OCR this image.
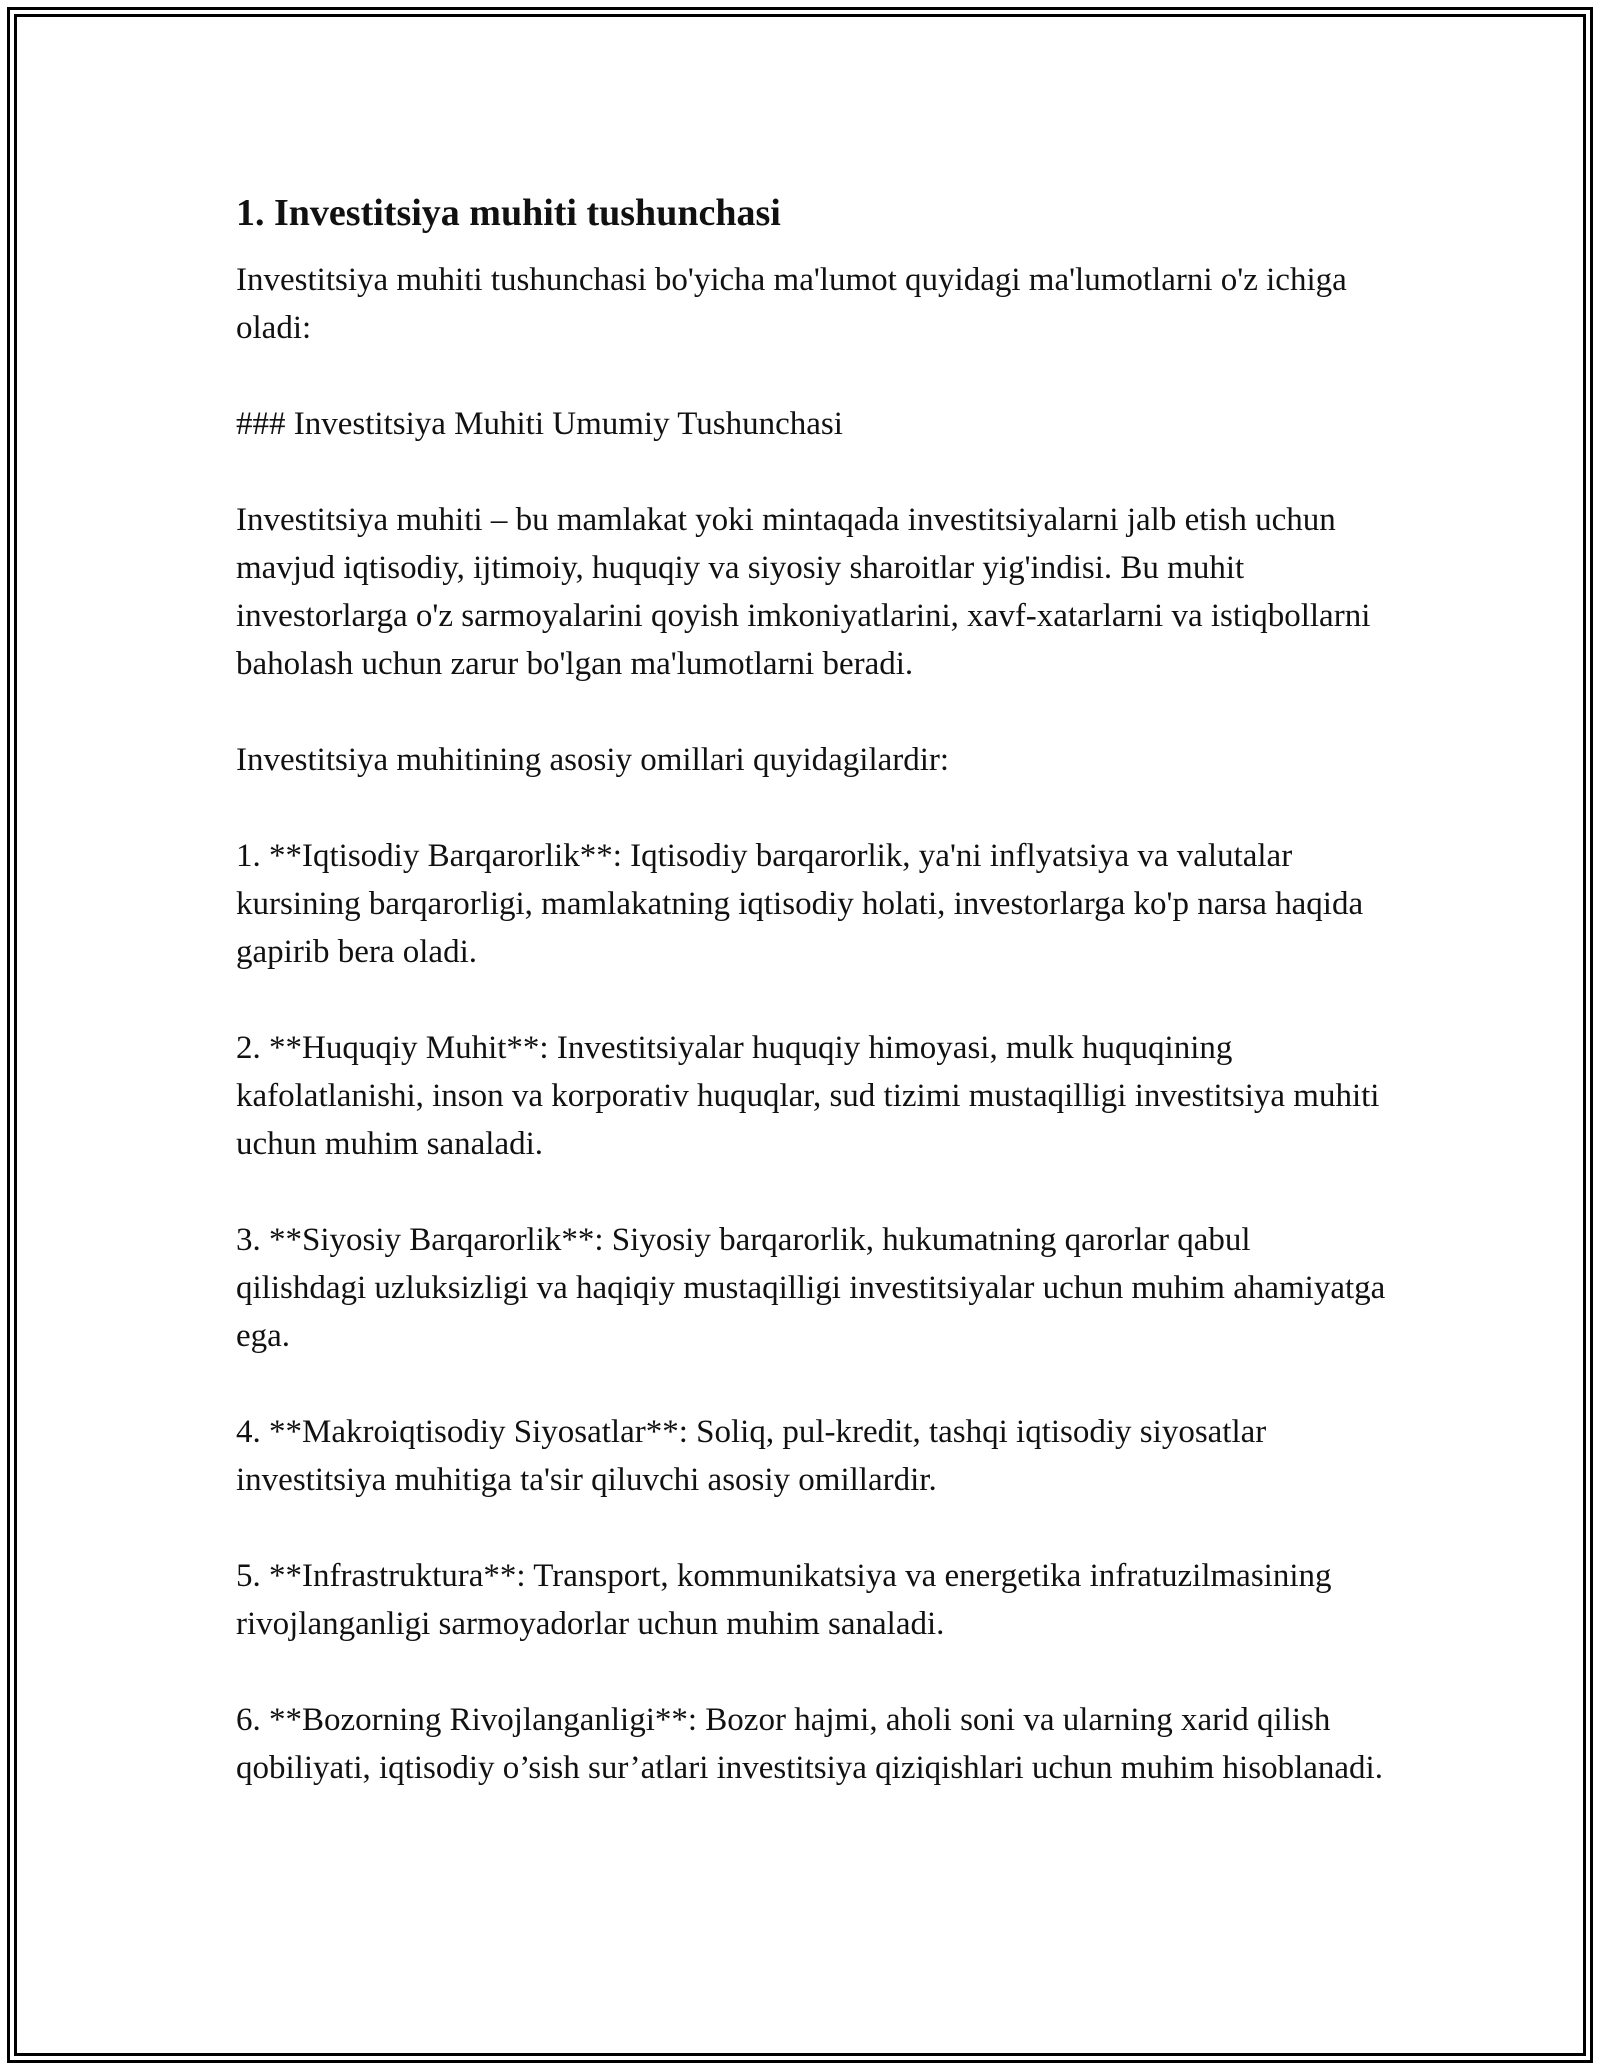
1. Investitsiya muhiti tushunchasi

Investitsiya muhiti tushunchasi bo'yicha ma'lumot quyidagi ma'lumotlarni o'z ichiga oladi:

### Investitsiya Muhiti Umumiy Tushunchasi

Investitsiya muhiti – bu mamlakat yoki mintaqada investitsiyalarni jalb etish uchun mavjud iqtisodiy, ijtimoiy, huquqiy va siyosiy sharoitlar yig'indisi. Bu muhit investorlarga o'z sarmoyalarini qoyish imkoniyatlarini, xavf-xatarlarni va istiqbollarni baholash uchun zarur bo'lgan ma'lumotlarni beradi.

Investitsiya muhitining asosiy omillari quyidagilardir:

1. **Iqtisodiy Barqarorlik**: Iqtisodiy barqarorlik, ya'ni inflyatsiya va valutalar kursining barqarorligi, mamlakatning iqtisodiy holati, investorlarga ko'p narsa haqida gapirib bera oladi.

2. **Huquqiy Muhit**: Investitsiyalar huquqiy himoyasi, mulk huquqining kafolatlanishi, inson va korporativ huquqlar, sud tizimi mustaqilligi investitsiya muhiti uchun muhim sanaladi.

3. **Siyosiy Barqarorlik**: Siyosiy barqarorlik, hukumatning qarorlar qabul qilishdagi uzluksizligi va haqiqiy mustaqilligi investitsiyalar uchun muhim ahamiyatga ega.

4. **Makroiqtisodiy Siyosatlar**: Soliq, pul-kredit, tashqi iqtisodiy siyosatlar investitsiya muhitiga ta'sir qiluvchi asosiy omillardir.

5. **Infrastruktura**: Transport, kommunikatsiya va energetika infratuzilmasining rivojlanganligi sarmoyadorlar uchun muhim sanaladi.

6. **Bozorning Rivojlanganligi**: Bozor hajmi, aholi soni va ularning xarid qilish qobiliyati, iqtisodiy o’sish sur’atlari investitsiya qiziqishlari uchun muhim hisoblanadi.
